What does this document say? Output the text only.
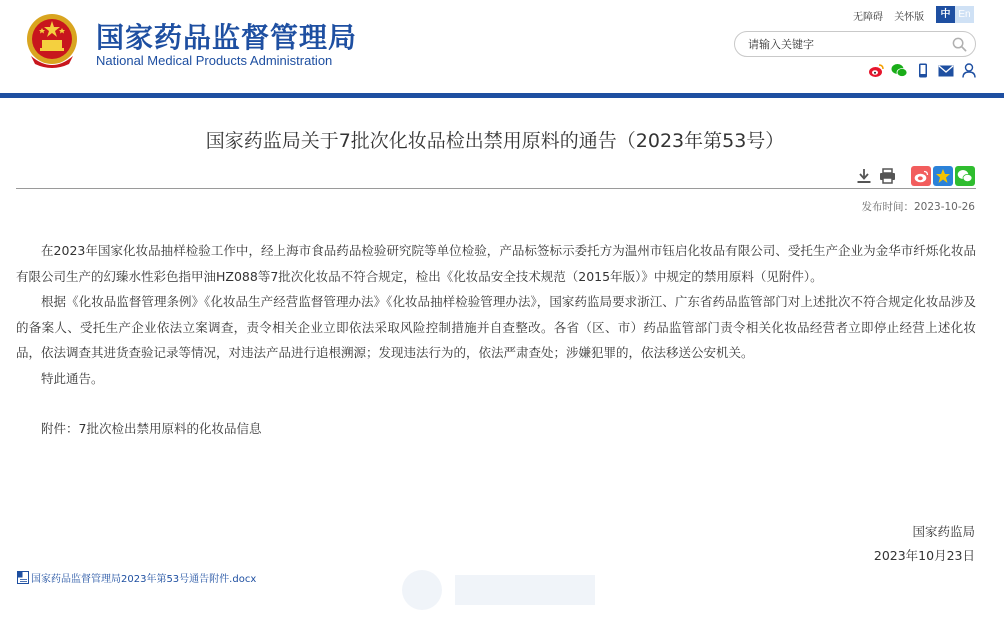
国家药品监督管理局
National Medical Products Administration
无障碍 关怀版	中 En
请输入关键字
国家药监局关于7批次化妆品检出禁用原料的通告（2023年第53号）
发布时间：2023-10-26

在2023年国家化妆品抽样检验工作中，经上海市食品药品检验研究院等单位检验，产品标签标示委托方为温州市钰启化妆品有限公司、受托生产企业为金华市纤烁化妆品有限公司生产的幻臻水性彩色指甲油HZ088等7批次化妆品不符合规定，检出《化妆品安全技术规范（2015年版）》中规定的禁用原料（见附件）。

根据《化妆品监督管理条例》《化妆品生产经营监督管理办法》《化妆品抽样检验管理办法》，国家药监局要求浙江、广东省药品监管部门对上述批次不符合规定化妆品涉及的备案人、受托生产企业依法立案调查，责令相关企业立即依法采取风险控制措施并自查整改。各省（区、市）药品监管部门责令相关化妆品经营者立即停止经营上述化妆品，依法调查其进货查验记录等情况，对违法产品进行追根溯源；发现违法行为的，依法严肃查处；涉嫌犯罪的，依法移送公安机关。

特此通告。

附件：7批次检出禁用原料的化妆品信息

国家药监局
2023年10月23日
国家药品监督管理局2023年第53号通告附件.docx
